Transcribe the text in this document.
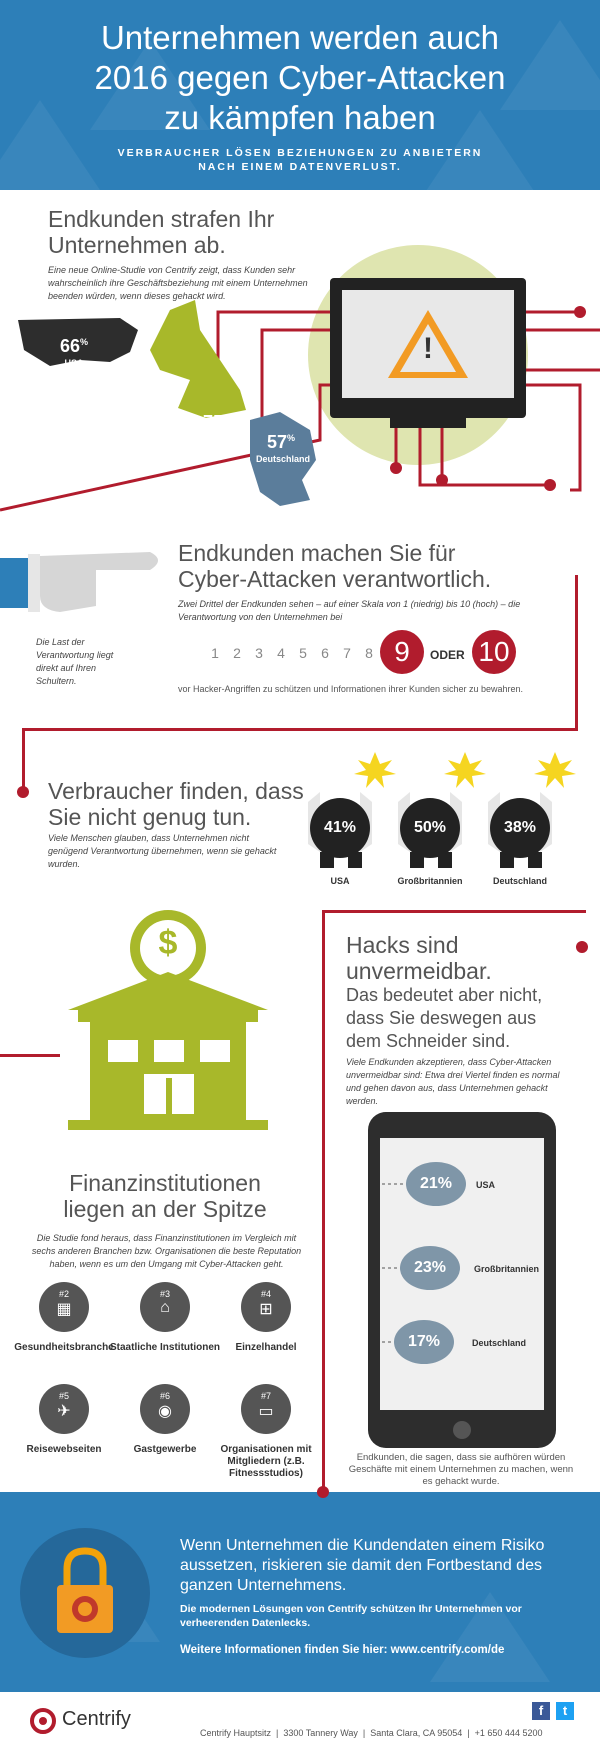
Unternehmen werden auch
2016 gegen Cyber-Attacken
zu kämpfen haben
VERBRAUCHER LÖSEN BEZIEHUNGEN ZU ANBIETERN NACH EINEM DATENVERLUST.
Endkunden strafen Ihr
Unternehmen ab.
Eine neue Online-Studie von Centrify zeigt, dass Kunden sehr wahrscheinlich ihre Geschäftsbeziehung mit einem Unternehmen beenden würden, wenn dieses gehackt wird.
!
66%
USA
75%
Großbritannien	57%
Deutschland
Endkunden machen Sie für
Cyber-Attacken verantwortlich.
Zwei Drittel der Endkunden sehen – auf einer Skala von 1 (niedrig) bis 10 (hoch) – die Verantwortung von den Unternehmen bei
Die Last der Verantwortung liegt direkt auf Ihren Schultern.
1 2 3 4 5 6 7 8 9	ODER 10
vor Hacker-Angriffen zu schützen und Informationen ihrer Kunden sicher zu bewahren.
Verbraucher finden, dass
Sie nicht genug tun.
Viele Menschen glauben, dass Unternehmen nicht genügend Verantwortung übernehmen, wenn sie gehackt wurden.
41%	50%	38%
USA	Großbritannien	Deutschland
$
Finanzinstitutionen
liegen an der Spitze
Die Studie fond heraus, dass Finanzinstitutionen im Vergleich mit sechs anderen Branchen bzw. Organisationen die beste Reputation haben, wenn es um den Umgang mit Cyber-Attacken geht.
#2
▦
#3
⌂
#4
⊞
Gesundheitsbranche
Staatliche Institutionen	Einzelhandel
#5
✈
#6
◉
#7
▭
Reisewebseiten	Gastgewerbe	Organisationen mit Mitgliedern (z.B. Fitnessstudios)
Hacks sind
unvermeidbar.
Das bedeutet aber nicht,
dass Sie deswegen aus
dem Schneider sind.
Viele Endkunden akzeptieren, dass Cyber-Attacken unvermeidbar sind: Etwa drei Viertel finden es normal und gehen davon aus, dass Unternehmen gehackt werden.
21%
23%
17%
USA
Großbritannien
Deutschland
Endkunden, die sagen, dass sie aufhören würden Geschäfte mit einem Unternehmen zu machen, wenn es gehackt wurde.
Wenn Unternehmen die Kundendaten einem Risiko aussetzen, riskieren sie damit den Fortbestand des ganzen Unternehmens.
Die modernen Lösungen von Centrify schützen Ihr Unternehmen vor verheerenden Datenlecks.
Weitere Informationen finden Sie hier: www.centrify.com/de
f	t
Centrify
Centrify Hauptsitz  |  3300 Tannery Way  |  Santa Clara, CA 95054  |  +1 650 444 5200
